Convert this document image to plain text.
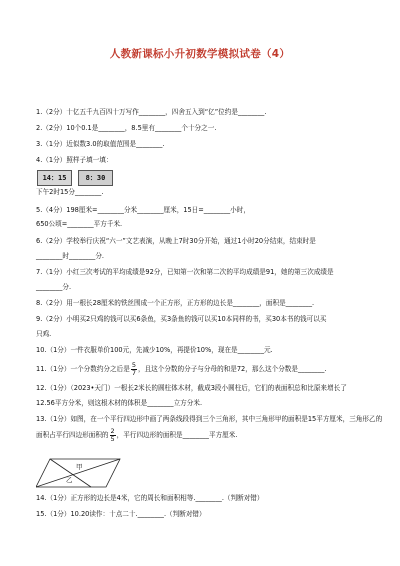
人教新课标小升初数学模拟试卷（4）
1.（2分）十亿五千九百四十万写作________，四舍五入到“亿”位约是________.
2.（2分）10个0.1是________，8.5里有________个十分之一.
3.（1分）近似数3.0的取值范围是________.
4.（1分）照样子填一填：
14：15	8：30
下午2时15分________.
5.（4分）198厘米=________分米________厘米，15日=________小时，
650公顷=________平方千米.
6.（2分）学校举行庆祝“六一”文艺表演，从晚上7时30分开始，通过1小时20分结束，结束时是
________时________分.
7.（1分）小红三次考试的平均成绩是92分，已知第一次和第二次的平均成绩是91，她的第三次成绩是
________分.
8.（2分）用一根长28厘米的铁丝围成一个正方形，正方形的边长是________，面积是________.
9.（2分）小明买2只鸡的钱可以买6条鱼，买3条鱼的钱可以买10本同样的书，买30本书的钱可以买
只鸡.
10.（1分）一件衣服单价100元，先减少10%，再提价10%，现在是________元.
11.（1分）一个分数约分之后是 $\frac{5}{7}$ ，且这个分数的分子与分母的和是72，那么这个分数是________.
12.（1分）（2023•天门）一根长2米长的圆柱体木材，截成3段小圆柱后，它们的表面积总和比原来增长了
12.56平方分米，则这根木材的体积是________立方分米.
13.（1分）如图，在一个平行四边形中画了两条线段得到三个三角形，其中三角形甲的面积是15平方厘米，三角形乙的
面积占平行四边形面积的 $\frac{2}{5}$ ，平行四边形的面积是________平方厘米.
甲
乙
14.（1分）正方形的边长是4米，它的周长和面积相等.________.（判断对错）
15.（1分）10.20读作：十点二十.________.（判断对错）
